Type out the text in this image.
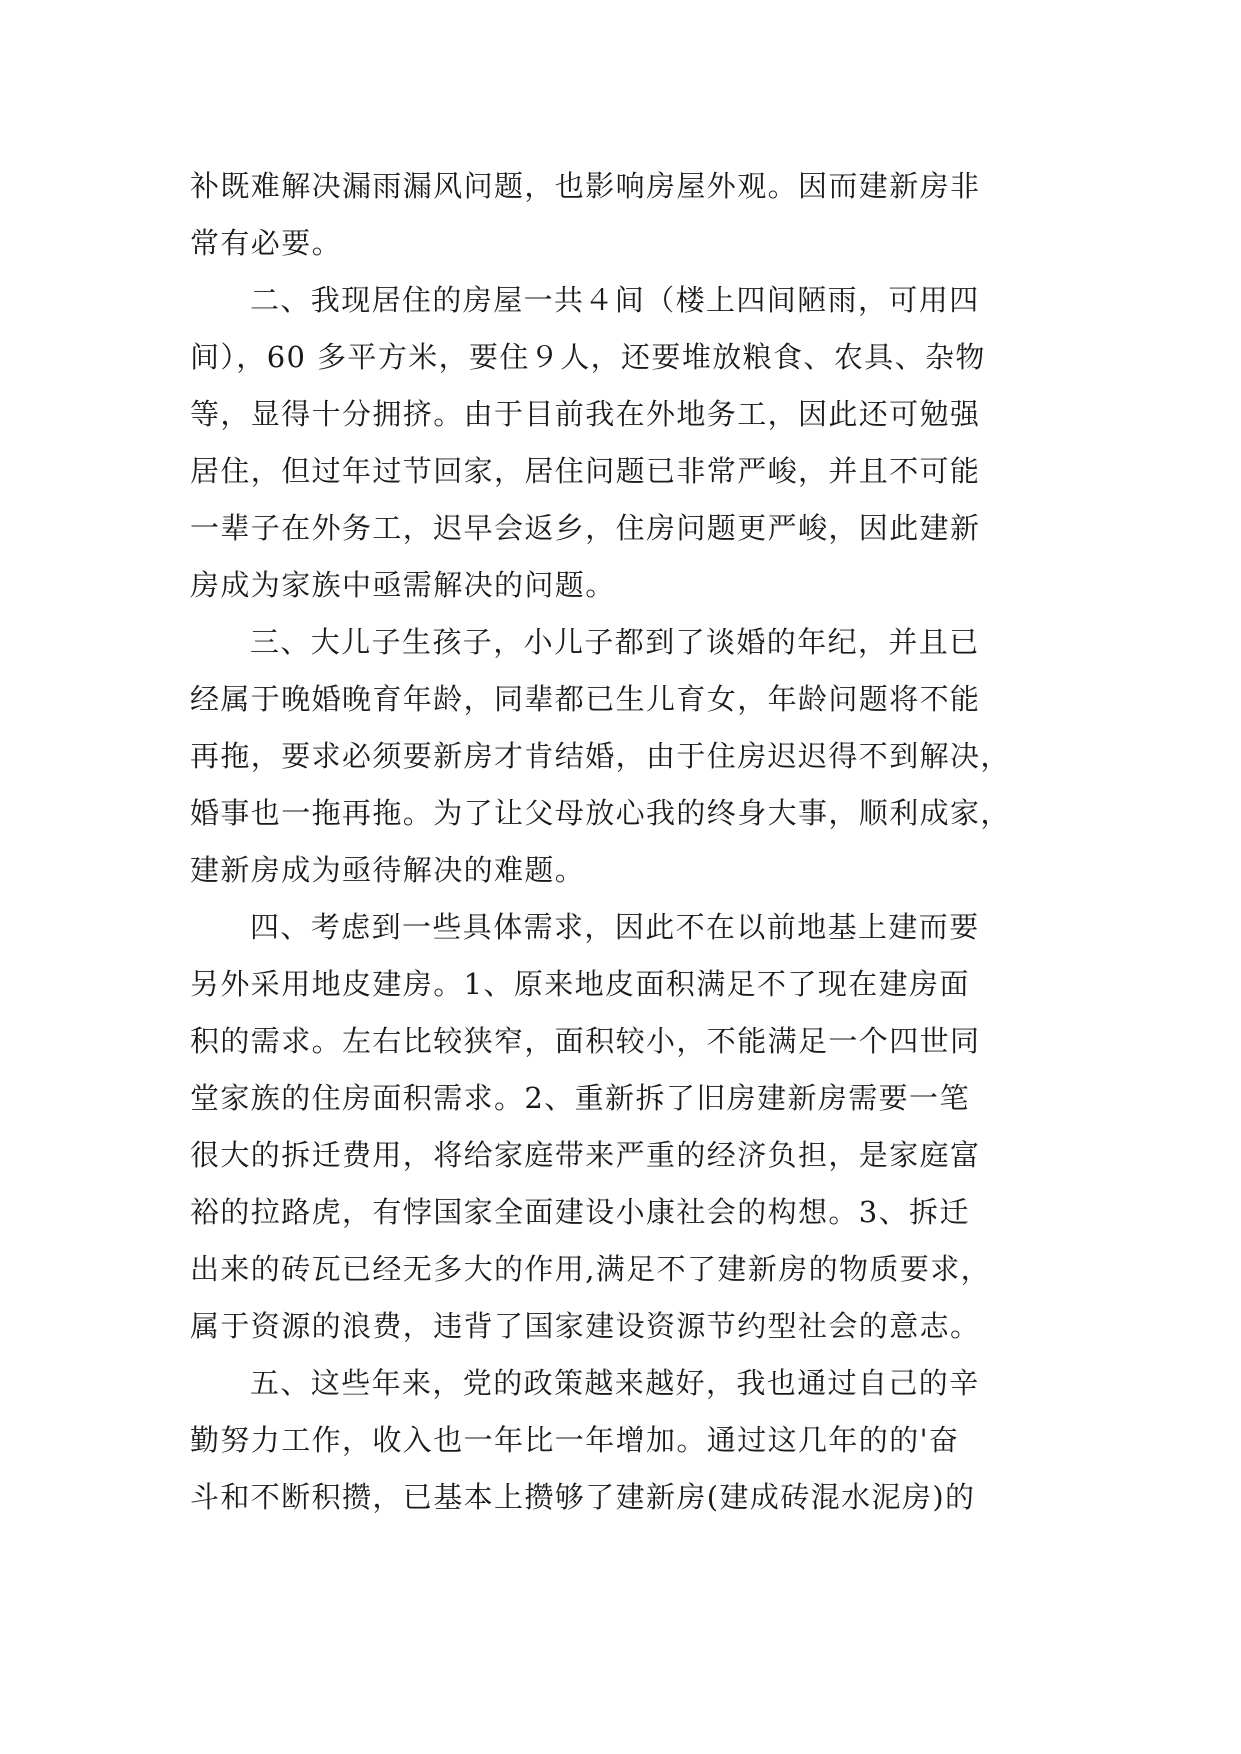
补既难解决漏雨漏风问题，也影响房屋外观。因而建新房非

常有必要。

二、我现居住的房屋一共４间（楼上四间陋雨，可用四

间），60 多平方米，要住９人，还要堆放粮食、农具、杂物

等，显得十分拥挤。由于目前我在外地务工，因此还可勉强

居住，但过年过节回家，居住问题已非常严峻，并且不可能

一辈子在外务工，迟早会返乡，住房问题更严峻，因此建新

房成为家族中亟需解决的问题。

三、大儿子生孩子，小儿子都到了谈婚的年纪，并且已

经属于晚婚晚育年龄，同辈都已生儿育女，年龄问题将不能

再拖，要求必须要新房才肯结婚，由于住房迟迟得不到解决，

婚事也一拖再拖。为了让父母放心我的终身大事，顺利成家，

建新房成为亟待解决的难题。

四、考虑到一些具体需求，因此不在以前地基上建而要

另外采用地皮建房。1、原来地皮面积满足不了现在建房面

积的需求。左右比较狭窄，面积较小，不能满足一个四世同

堂家族的住房面积需求。2、重新拆了旧房建新房需要一笔

很大的拆迁费用，将给家庭带来严重的经济负担，是家庭富

裕的拉路虎，有悖国家全面建设小康社会的构想。3、拆迁

出来的砖瓦已经无多大的作用,满足不了建新房的物质要求，

属于资源的浪费，违背了国家建设资源节约型社会的意志。

五、这些年来，党的政策越来越好，我也通过自己的辛

勤努力工作，收入也一年比一年增加。通过这几年的的'奋

斗和不断积攒，已基本上攒够了建新房(建成砖混水泥房)的
